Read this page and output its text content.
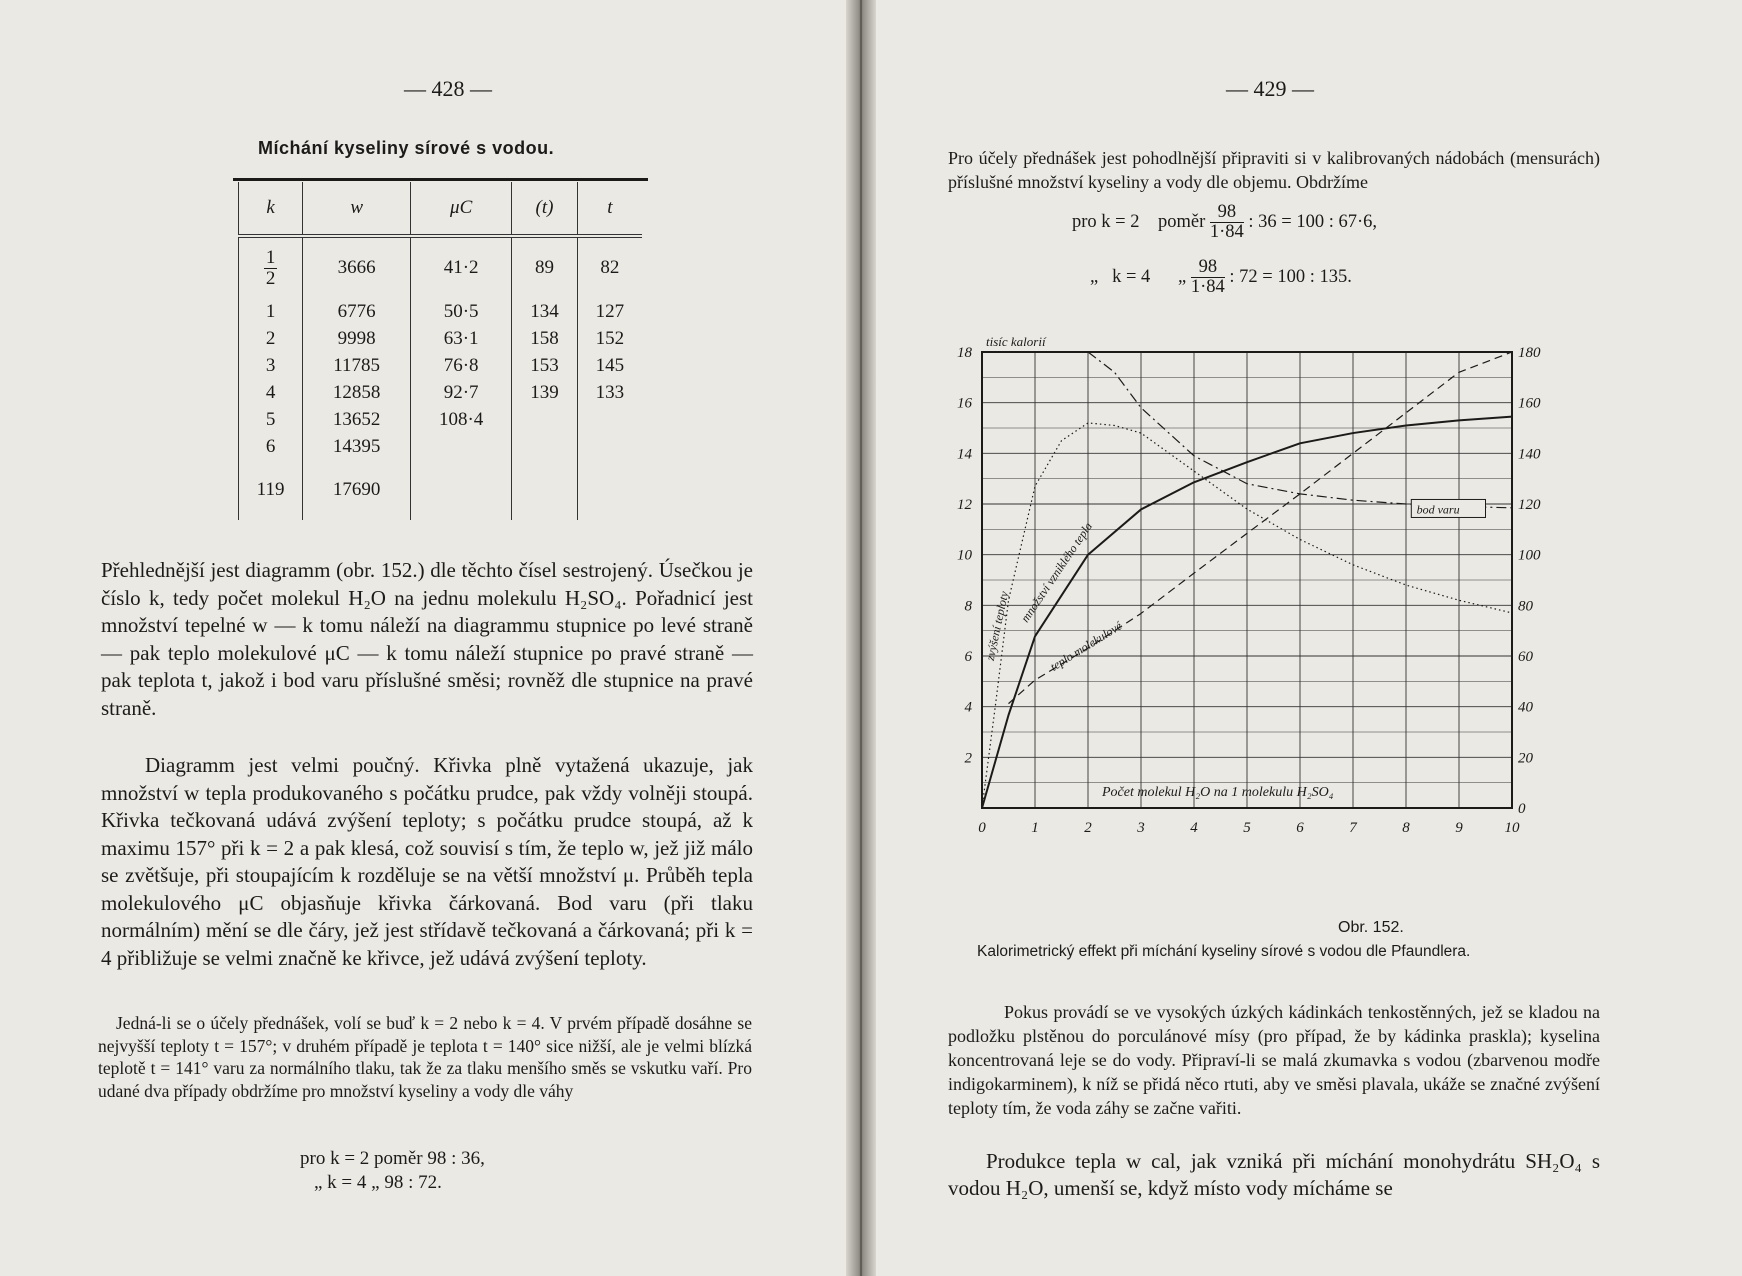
— 428 —
Míchání kyseliny sírové s vodou.
k	w	μC	(t)	t

$\frac{1}{2}$	3666	41·2	89	82
1	6776	50·5	134	127
2	9998	63·1	158	152
3	11785	76·8	153	145
4	12858	92·7	139	133
5	13652	108·4		
6	14395			
119	17690			
Přehlednější jest diagramm (obr. 152.) dle těchto čísel sestrojený. Úsečkou je číslo k, tedy počet molekul H₂O na jednu molekulu H₂SO₄. Pořadnicí jest množství tepelné w — k tomu náleží na diagrammu stupnice po levé straně — pak teplo molekulové μC — k tomu náleží stupnice po pravé straně — pak teplota t, jakož i bod varu příslušné směsi; rovněž dle stupnice na pravé straně.
Diagramm jest velmi poučný. Křivka plně vytažená ukazuje, jak množství w tepla produkovaného s počátku prudce, pak vždy volněji stoupá. Křivka tečkovaná udává zvýšení teploty; s počátku prudce stoupá, až k maximu 157° při k = 2 a pak klesá, což souvisí s tím, že teplo w, jež již málo se zvětšuje, při stoupajícím k rozděluje se na větší množství μ. Průběh tepla molekulového μC objasňuje křivka čárkovaná. Bod varu (při tlaku normálním) mění se dle čáry, jež jest střídavě tečkovaná a čárkovaná; při k = 4 přibližuje se velmi značně ke křivce, jež udává zvýšení teploty.
Jedná-li se o účely přednášek, volí se buď k = 2 nebo k = 4. V prvém případě dosáhne se nejvyšší teploty t = 157°; v druhém případě je teplota t = 140° sice nižší, ale je velmi blízká teplotě t = 141° varu za normálního tlaku, tak že za tlaku menšího směs se vskutku vaří. Pro udané dva případy obdržíme pro množství kyseliny a vody dle váhy
pro k = 2 poměr 98 : 36,
„ k = 4 „ 98 : 72.
— 429 —
Pro účely přednášek jest pohodlnější připraviti si v kalibrovaných nádobách (mensurách) příslušné množství kyseliny a vody dle objemu. Obdržíme
pro k = 2    poměr $\frac{98}{1\cdot 84}$ : 36 = 100 : 67·6,
„   k = 4      „ $\frac{98}{1\cdot 84}$ : 72 = 100 : 135.
0	1	2	3	4	5	6	7	8	9	10
2
4
6
8
10
12
14
16
18
0
20
40
60
80
100
120
140
160
180
tisíc kalorií
Počet molekul H₂O na 1 molekulu H₂SO₄
zvýšení teploty
množství vzniklého tepla
teplo molekulové
bod varu
Obr. 152.
Kalorimetrický effekt při míchání kyseliny sírové s vodou dle Pfaundlera.
Pokus provádí se ve vysokých úzkých kádinkách tenkostěnných, jež se kladou na podložku plstěnou do porculánové mísy (pro případ, že by kádinka praskla); kyselina koncentrovaná leje se do vody. Připraví-li se malá zkumavka s vodou (zbarvenou modře indigokarminem), k níž se přidá něco rtuti, aby ve směsi plavala, ukáže se značné zvýšení teploty tím, že voda záhy se začne vařiti.
Produkce tepla w cal, jak vzniká při míchání monohydrátu SH₂O₄ s vodou H₂O, umenší se, když místo vody mícháme se
